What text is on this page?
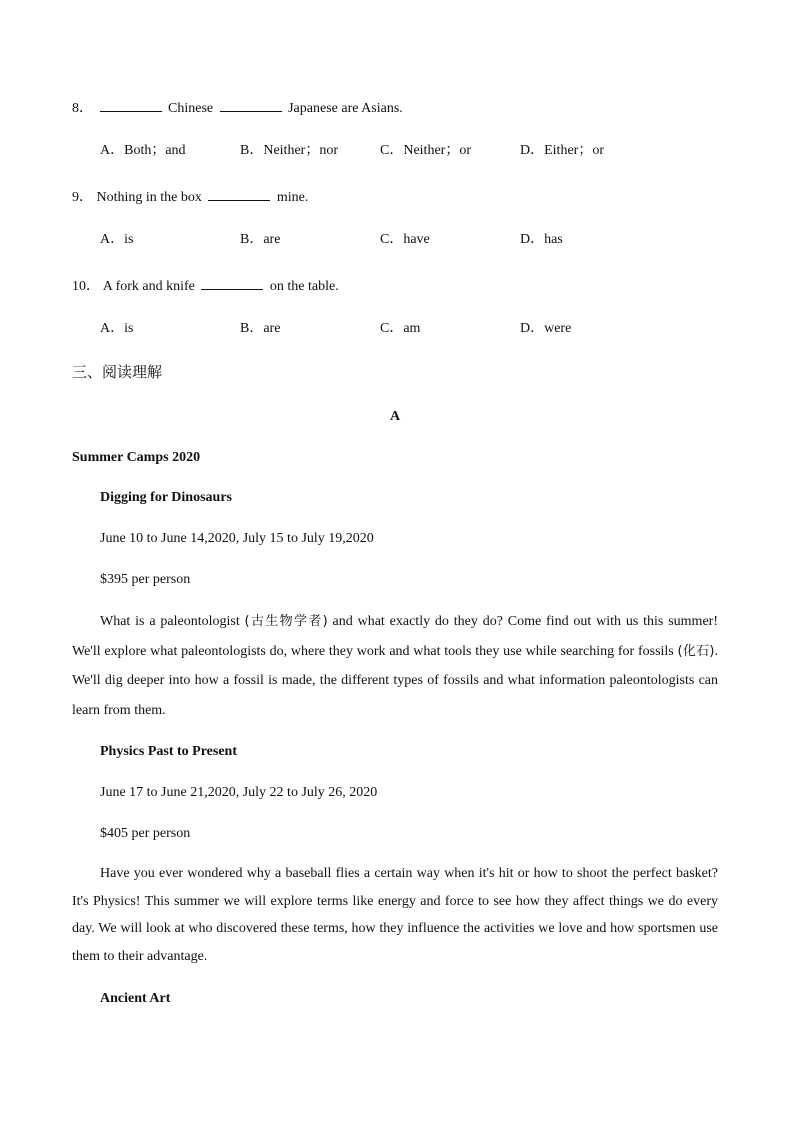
8．	Chinese	Japanese are Asians.
A．Both；and	B．Neither；nor	C．Neither；or	D．Either；or
9． Nothing in the box	mine.
A．is	B．are	C．have	D．has
10． A fork and knife	on the table.
A．is	B．are	C．am	D．were
三、阅读理解
A
Summer Camps 2020
Digging for Dinosaurs
June 10 to June 14,2020, July 15 to July 19,2020
$395 per person
What is a paleontologist (古生物学者) and what exactly do they do? Come find out with us this summer! We'll explore what paleontologists do, where they work and what tools they use while searching for fossils (化石). We'll dig deeper into how a fossil is made, the different types of fossils and what information paleontologists can learn from them.
Physics Past to Present
June 17 to June 21,2020, July 22 to July 26, 2020
$405 per person
Have you ever wondered why a baseball flies a certain way when it's hit or how to shoot the perfect basket? It's Physics! This summer we will explore terms like energy and force to see how they affect things we do every day. We will look at who discovered these terms, how they influence the activities we love and how sportsmen use them to their advantage.
Ancient Art
